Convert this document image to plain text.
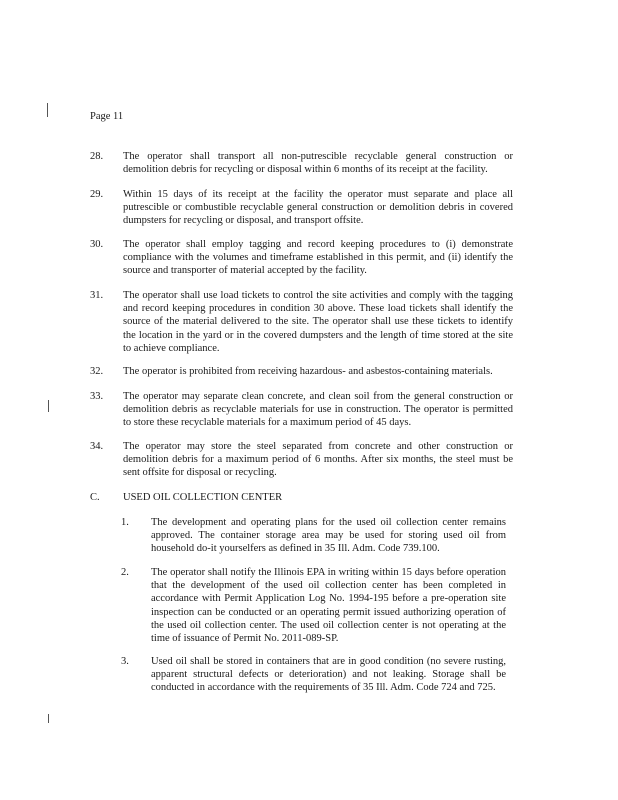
Page 11
28. The operator shall transport all non-putrescible recyclable general construction or demolition debris for recycling or disposal within 6 months of its receipt at the facility.
29. Within 15 days of its receipt at the facility the operator must separate and place all putrescible or combustible recyclable general construction or demolition debris in covered dumpsters for recycling or disposal, and transport offsite.
30. The operator shall employ tagging and record keeping procedures to (i) demonstrate compliance with the volumes and timeframe established in this permit, and (ii) identify the source and transporter of material accepted by the facility.
31. The operator shall use load tickets to control the site activities and comply with the tagging and record keeping procedures in condition 30 above. These load tickets shall identify the source of the material delivered to the site. The operator shall use these tickets to identify the location in the yard or in the covered dumpsters and the length of time stored at the site to achieve compliance.
32. The operator is prohibited from receiving hazardous- and asbestos-containing materials.
33. The operator may separate clean concrete, and clean soil from the general construction or demolition debris as recyclable materials for use in construction. The operator is permitted to store these recyclable materials for a maximum period of 45 days.
34. The operator may store the steel separated from concrete and other construction or demolition debris for a maximum period of 6 months. After six months, the steel must be sent offsite for disposal or recycling.
C. USED OIL COLLECTION CENTER
1. The development and operating plans for the used oil collection center remains approved. The container storage area may be used for storing used oil from household do-it yourselfers as defined in 35 Ill. Adm. Code 739.100.
2. The operator shall notify the Illinois EPA in writing within 15 days before operation that the development of the used oil collection center has been completed in accordance with Permit Application Log No. 1994-195 before a pre-operation site inspection can be conducted or an operating permit issued authorizing operation of the used oil collection center. The used oil collection center is not operating at the time of issuance of Permit No. 2011-089-SP.
3. Used oil shall be stored in containers that are in good condition (no severe rusting, apparent structural defects or deterioration) and not leaking. Storage shall be conducted in accordance with the requirements of 35 Ill. Adm. Code 724 and 725.
